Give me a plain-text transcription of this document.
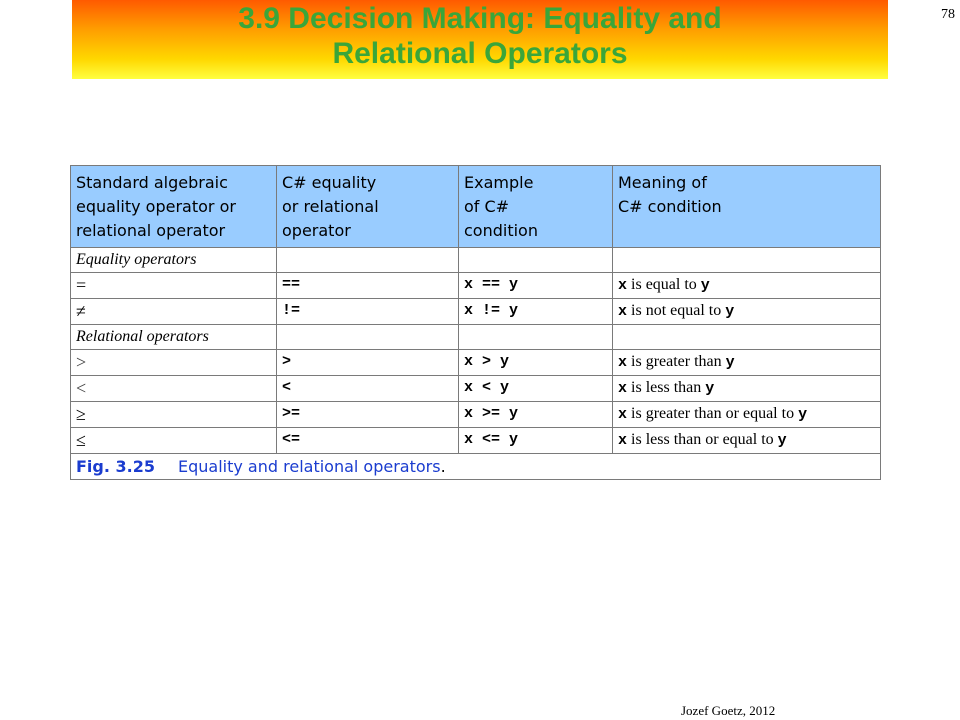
3.9 Decision Making: Equality and
Relational Operators
78
Standard algebraic
equality operator or
relational operator	C# equality
or relational
operator	Example
of C#
condition	Meaning of
C# condition

Equality operators			
=	==	x == y	x is equal to y
≠	!=	x != y	x is not equal to y
Relational operators			
>	>	x > y	x is greater than y
<	<	x < y	x is less than y
≥	>=	x >= y	x is greater than or equal to y
≤	<=	x <= y	x is less than or equal to y
Fig. 3.25 Equality and relational operators.			
Jozef Goetz, 2012
